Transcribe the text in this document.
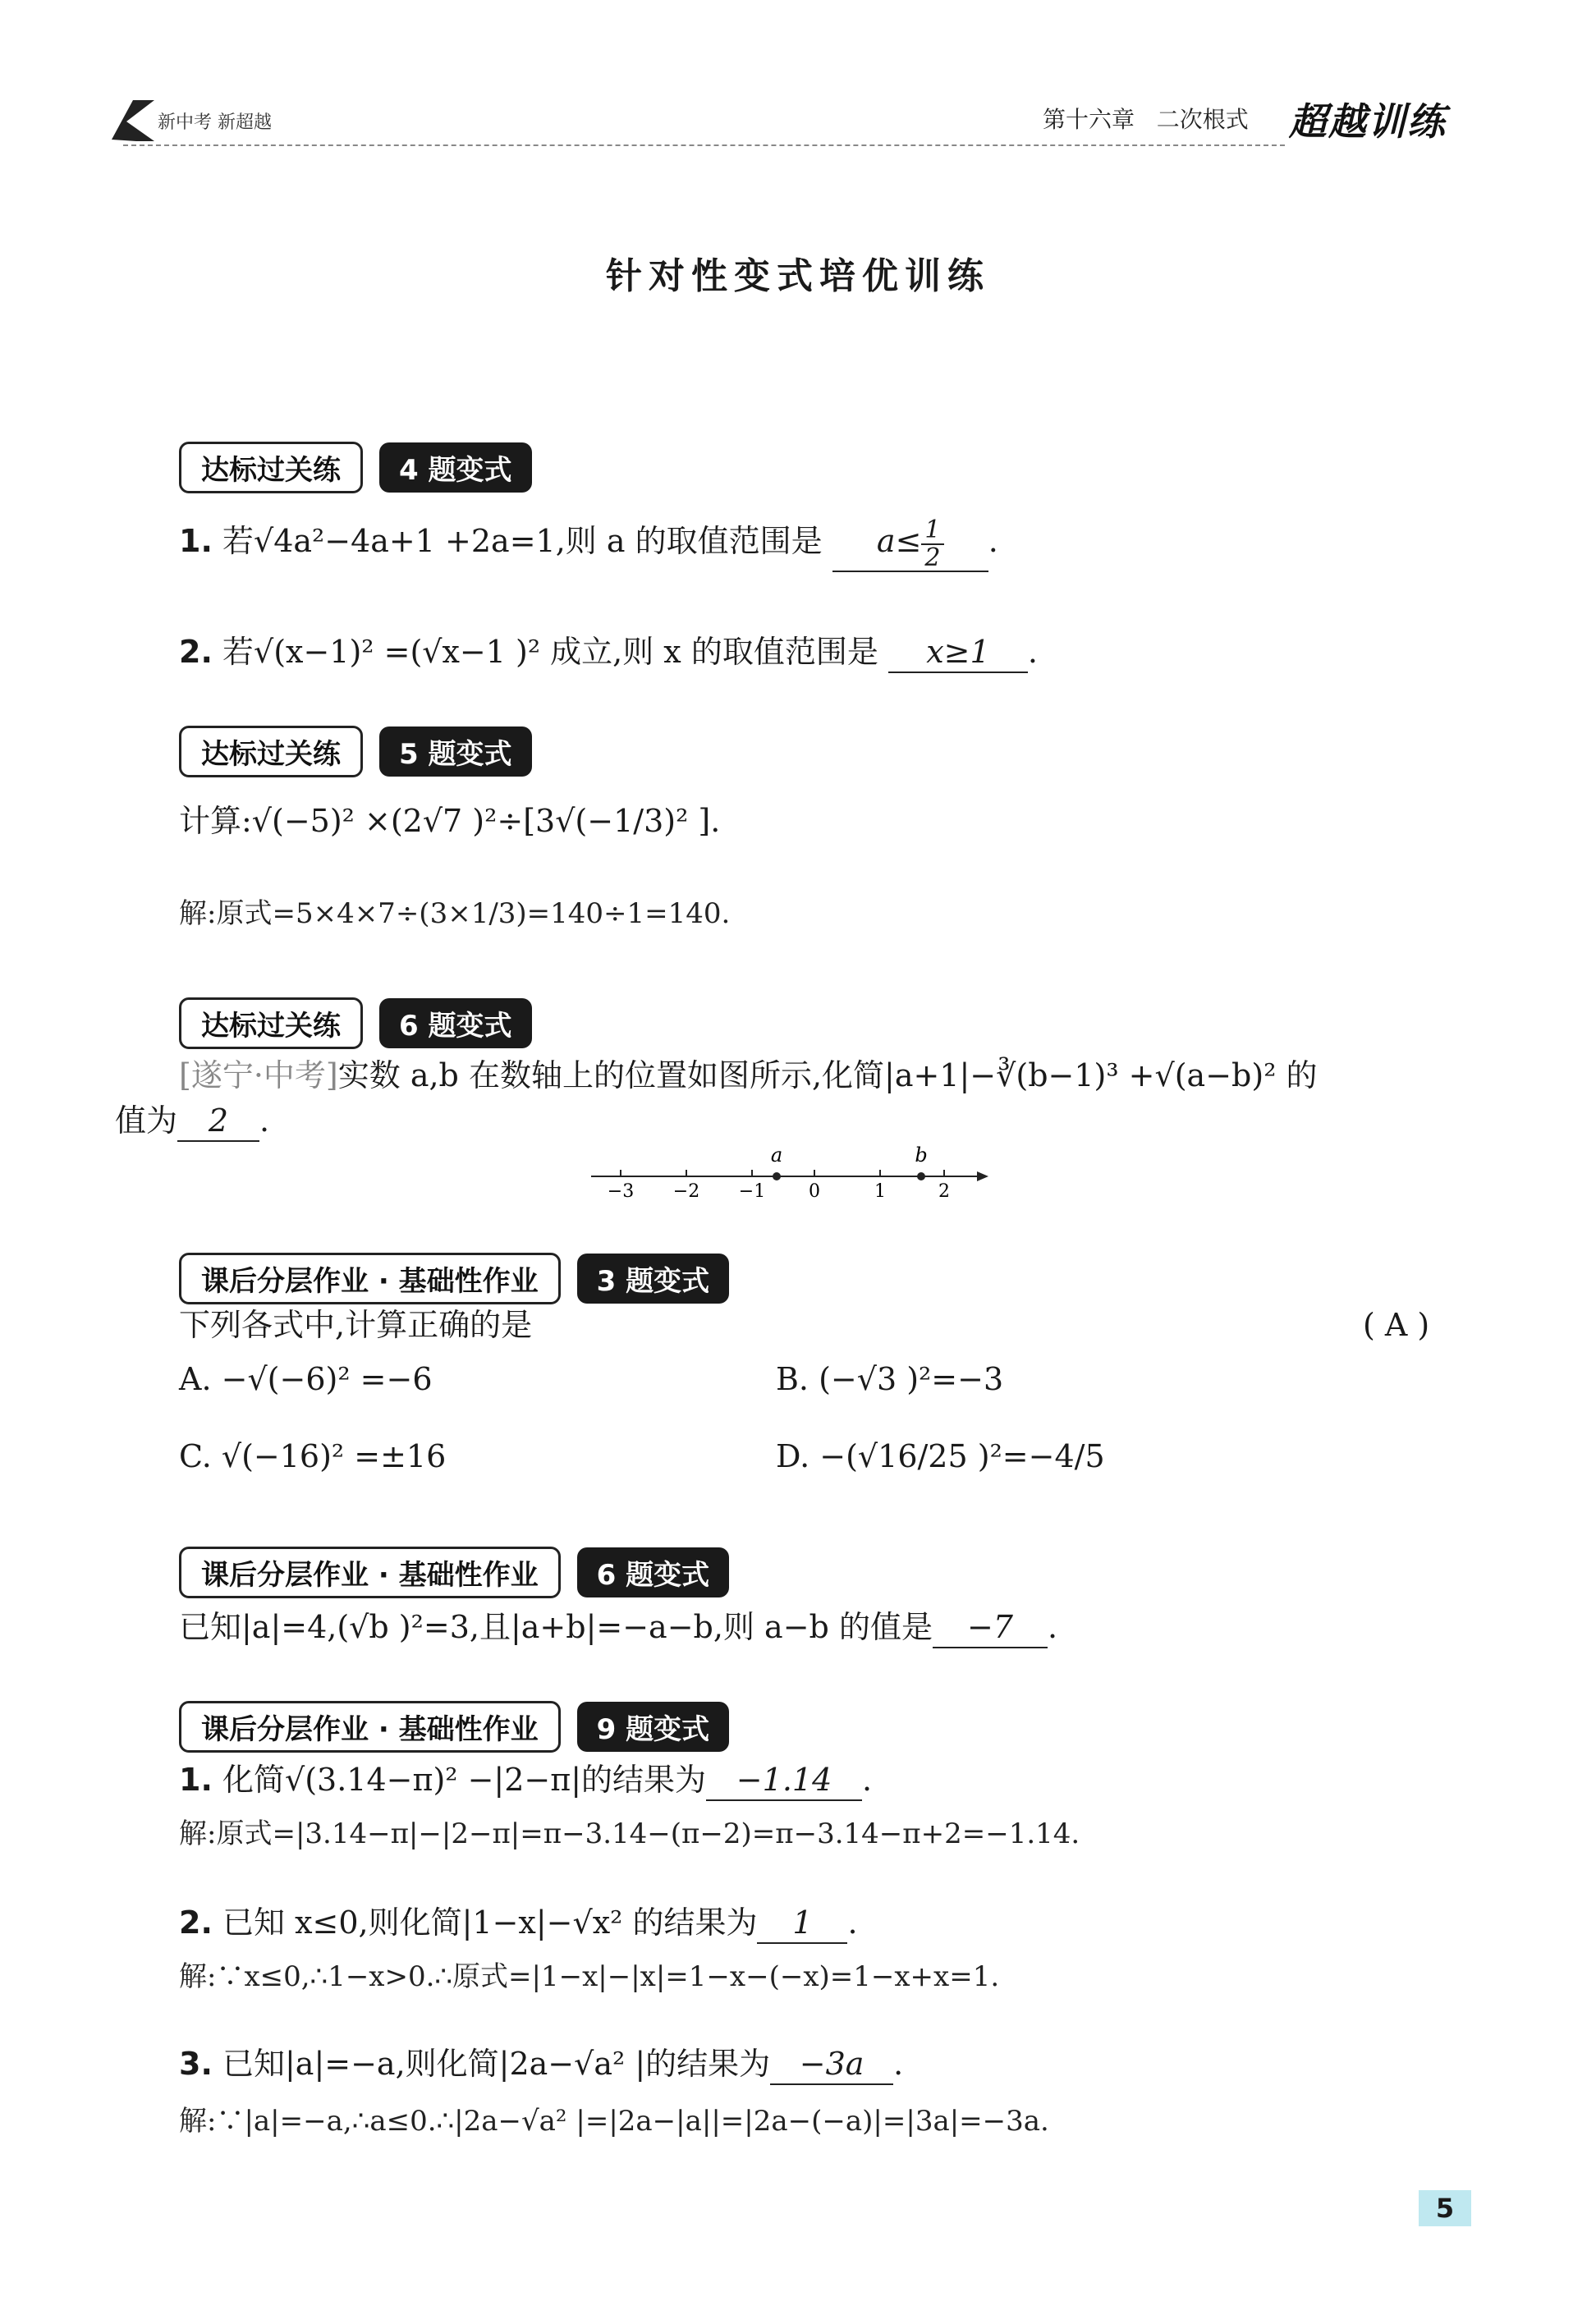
新中考 新超越	第十六章 二次根式 超越训练
针对性变式培优训练
达标过关练	4 题变式
1. 若√4a²−4a+1 +2a=1,则 a 的取值范围是 $a\le \frac{1}{2}$ .
2. 若√(x−1)² =(√x−1 )² 成立,则 x 的取值范围是 x≥1 .
达标过关练	5 题变式
计算:√(−5)² ×(2√7 )²÷[3√(−1/3)² ].
解:原式=5×4×7÷(3×1/3)=140÷1=140.
达标过关练	6 题变式
[遂宁·中考]实数 a,b 在数轴上的位置如图所示,化简|a+1|−∛(b−1)³ +√(a−b)² 的
值为 2 .
−3 −2 −1 0	1	2
a	b
课后分层作业 · 基础性作业	3 题变式
下列各式中,计算正确的是	( A )
A. −√(−6)² =−6	B. (−√3 )²=−3
C. √(−16)² =±16	D. −(√16/25 )²=−4/5
课后分层作业 · 基础性作业	6 题变式
已知|a|=4,(√b )²=3,且|a+b|=−a−b,则 a−b 的值是 −7 .
课后分层作业 · 基础性作业	9 题变式
1. 化简√(3.14−π)² −|2−π|的结果为 −1.14 .
解:原式=|3.14−π|−|2−π|=π−3.14−(π−2)=π−3.14−π+2=−1.14.
2. 已知 x≤0,则化简|1−x|−√x² 的结果为 1 .
解:∵x≤0,∴1−x>0.∴原式=|1−x|−|x|=1−x−(−x)=1−x+x=1.
3. 已知|a|=−a,则化简|2a−√a² |的结果为 −3a .
解:∵|a|=−a,∴a≤0.∴|2a−√a² |=|2a−|a||=|2a−(−a)|=|3a|=−3a.
5
